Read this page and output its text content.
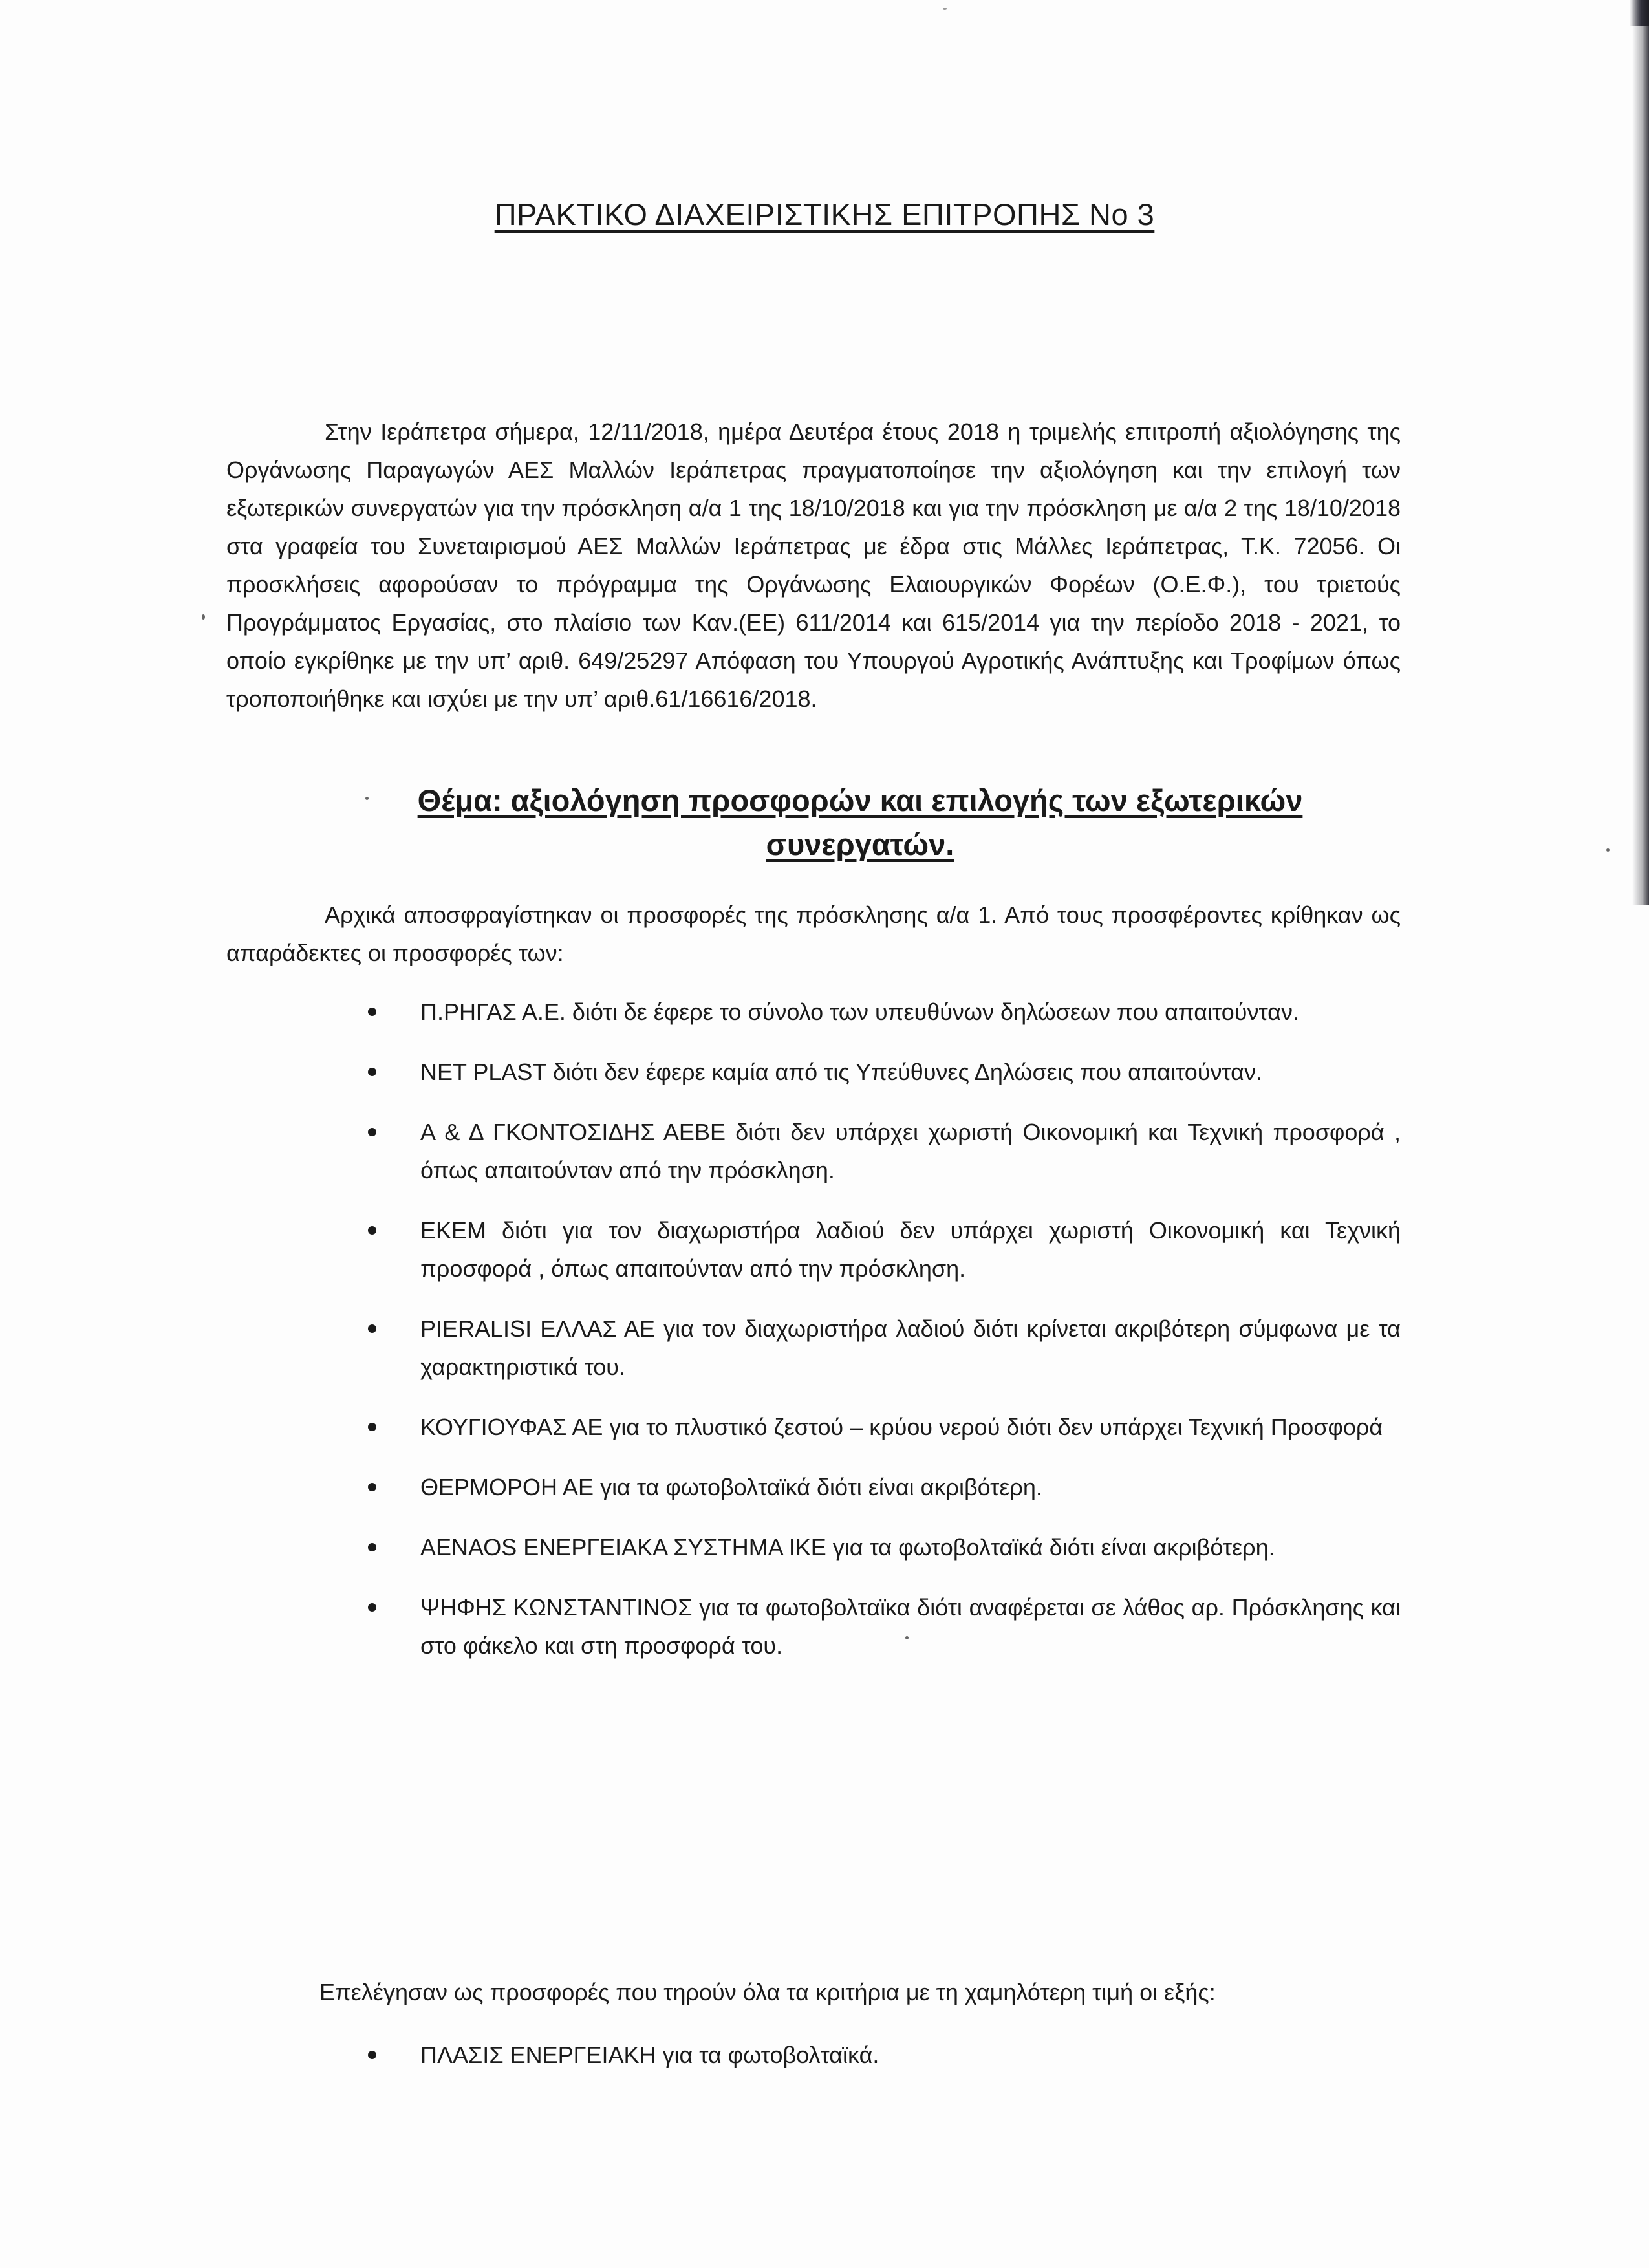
ΠΡΑΚΤΙΚΟ ΔΙΑΧΕΙΡΙΣΤΙΚΗΣ ΕΠΙΤΡΟΠΗΣ Νο 3
Στην Ιεράπετρα σήμερα, 12/11/2018, ημέρα Δευτέρα έτους 2018 η τριμελής επιτροπή αξιολόγησης της Οργάνωσης Παραγωγών ΑΕΣ Μαλλών Ιεράπετρας πραγματοποίησε την αξιολόγηση και την επιλογή των εξωτερικών συνεργατών για την πρόσκληση α/α 1 της 18/10/2018 και για την πρόσκληση με α/α 2 της 18/10/2018 στα γραφεία του Συνεταιρισμού ΑΕΣ Μαλλών Ιεράπετρας με έδρα στις Μάλλες Ιεράπετρας, Τ.Κ. 72056. Οι προσκλήσεις αφορούσαν το πρόγραμμα της Οργάνωσης Ελαιουργικών Φορέων (Ο.Ε.Φ.), του τριετούς Προγράμματος Εργασίας, στο πλαίσιο των Καν.(ΕΕ) 611/2014 και 615/2014 για την περίοδο 2018 - 2021, το οποίο εγκρίθηκε με την υπ’ αριθ. 649/25297 Απόφαση του Υπουργού Αγροτικής Ανάπτυξης και Τροφίμων όπως τροποποιήθηκε και ισχύει με την υπ’ αριθ.61/16616/2018.
Θέμα: αξιολόγηση προσφορών και επιλογής των εξωτερικών συνεργατών.
Αρχικά αποσφραγίστηκαν οι προσφορές της πρόσκλησης α/α 1. Από τους προσφέροντες κρίθηκαν ως απαράδεκτες οι προσφορές των:
Π.ΡΗΓΑΣ Α.Ε. διότι δε έφερε το σύνολο των υπευθύνων δηλώσεων που απαιτούνταν.
NET PLAST διότι δεν έφερε καμία από τις Υπεύθυνες Δηλώσεις που απαιτούνταν.
Α & Δ ΓΚΟΝΤΟΣΙΔΗΣ ΑΕΒΕ διότι δεν υπάρχει χωριστή Οικονομική και Τεχνική προσφορά , όπως απαιτούνταν από την πρόσκληση.
ΕΚΕΜ διότι για τον διαχωριστήρα λαδιού δεν υπάρχει χωριστή Οικονομική και Τεχνική προσφορά , όπως απαιτούνταν από την πρόσκληση.
PIERALISI ΕΛΛΑΣ ΑΕ για τον διαχωριστήρα λαδιού διότι κρίνεται ακριβότερη σύμφωνα με τα χαρακτηριστικά του.
ΚΟΥΓΙΟΥΦΑΣ ΑΕ για το πλυστικό ζεστού – κρύου νερού διότι δεν υπάρχει Τεχνική Προσφορά
ΘΕΡΜΟΡΟΗ ΑΕ για τα φωτοβολταϊκά διότι είναι ακριβότερη.
ΑΕΝΑΟS ΕΝΕΡΓΕΙΑΚΑ ΣΥΣΤΗΜΑ ΙΚΕ για τα φωτοβολταϊκά διότι είναι ακριβότερη.
ΨΗΦΗΣ ΚΩΝΣΤΑΝΤΙΝΟΣ για τα φωτοβολταϊκα διότι αναφέρεται σε λάθος αρ. Πρόσκλησης και στο φάκελο και στη προσφορά του.
Επελέγησαν ως προσφορές που τηρούν όλα τα κριτήρια με τη χαμηλότερη τιμή οι εξής:
ΠΛΑΣΙΣ ΕΝΕΡΓΕΙΑΚΗ για τα φωτοβολταϊκά.
